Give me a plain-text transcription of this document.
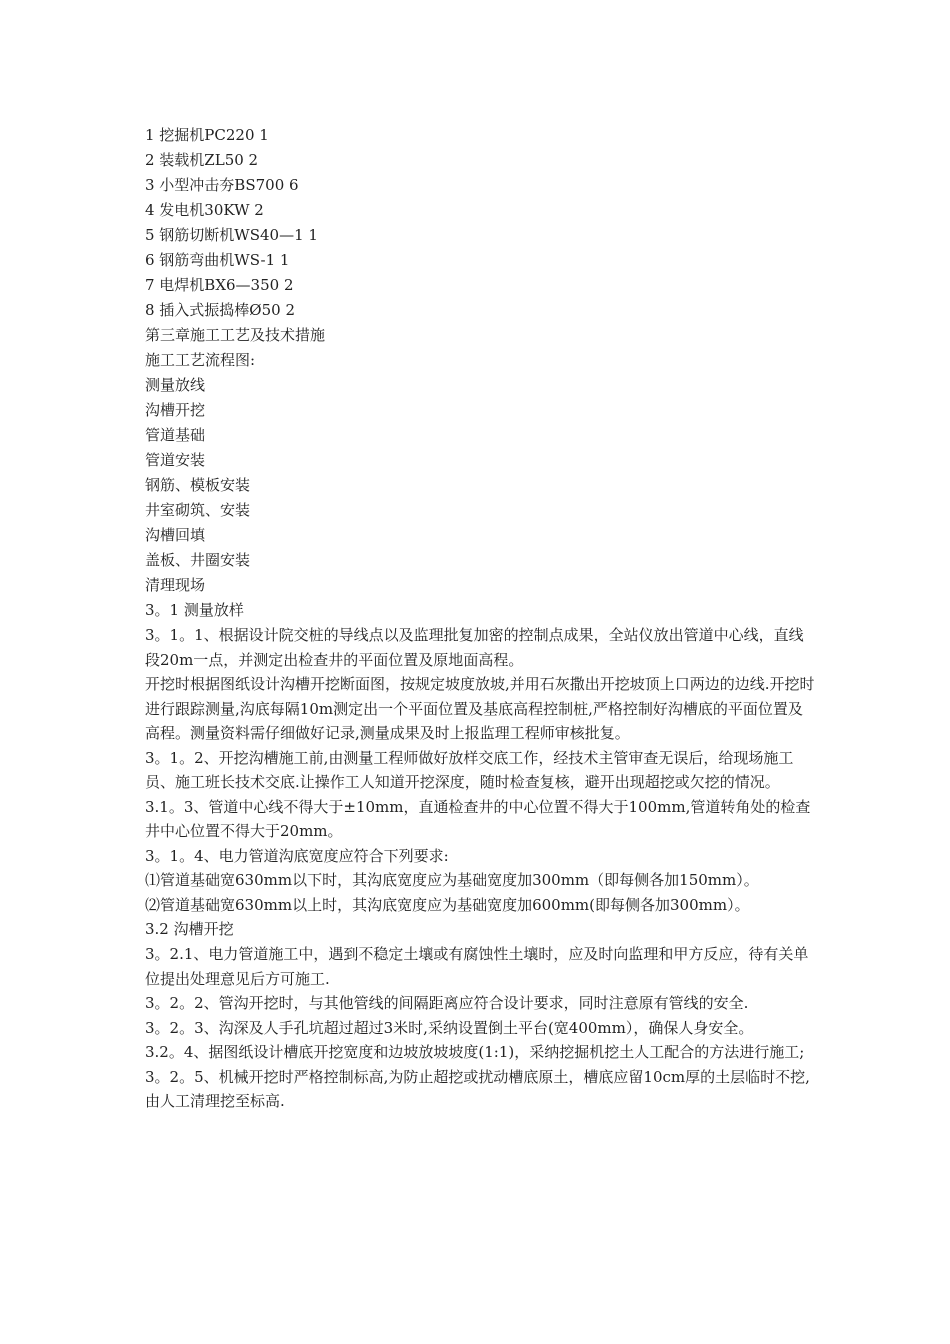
1 挖掘机PC220 1
2 装载机ZL50 2
3 小型冲击夯BS700 6
4 发电机30KW 2
5 钢筋切断机WS40—1 1
6 钢筋弯曲机WS-1 1
7 电焊机BX6—350 2
8 插入式振捣棒Ø50 2
第三章施工工艺及技术措施
施工工艺流程图:
测量放线
沟槽开挖
管道基础
管道安装
钢筋、模板安装
井室砌筑、安装
沟槽回填
盖板、井圈安装
清理现场
3。1 测量放样
3。1。1、根据设计院交桩的导线点以及监理批复加密的控制点成果，全站仪放出管道中心线，直线段20m一点，并测定出检查井的平面位置及原地面高程。
开挖时根据图纸设计沟槽开挖断面图，按规定坡度放坡,并用石灰撒出开挖坡顶上口两边的边线.开挖时进行跟踪测量,沟底每隔10m测定出一个平面位置及基底高程控制桩,严格控制好沟槽底的平面位置及高程。测量资料需仔细做好记录,测量成果及时上报监理工程师审核批复。
3。1。2、开挖沟槽施工前,由测量工程师做好放样交底工作，经技术主管审查无误后，给现场施工员、施工班长技术交底.让操作工人知道开挖深度，随时检查复核，避开出现超挖或欠挖的情况。
3.1。3、管道中心线不得大于±10mm，直通检查井的中心位置不得大于100mm,管道转角处的检查井中心位置不得大于20mm。
3。1。4、电力管道沟底宽度应符合下列要求:
⑴管道基础宽630mm以下时，其沟底宽度应为基础宽度加300mm（即每侧各加150mm）。
⑵管道基础宽630mm以上时，其沟底宽度应为基础宽度加600mm(即每侧各加300mm）。
3.2 沟槽开挖
3。2.1、电力管道施工中，遇到不稳定土壤或有腐蚀性土壤时，应及时向监理和甲方反应，待有关单位提出处理意见后方可施工.
3。2。2、管沟开挖时，与其他管线的间隔距离应符合设计要求，同时注意原有管线的安全.
3。2。3、沟深及人手孔坑超过超过3米时,采纳设置倒土平台(宽400mm），确保人身安全。
3.2。4、据图纸设计槽底开挖宽度和边坡放坡坡度(1:1)，采纳挖掘机挖土人工配合的方法进行施工;
3。2。5、机械开挖时严格控制标高,为防止超挖或扰动槽底原土，槽底应留10cm厚的土层临时不挖,由人工清理挖至标高.
